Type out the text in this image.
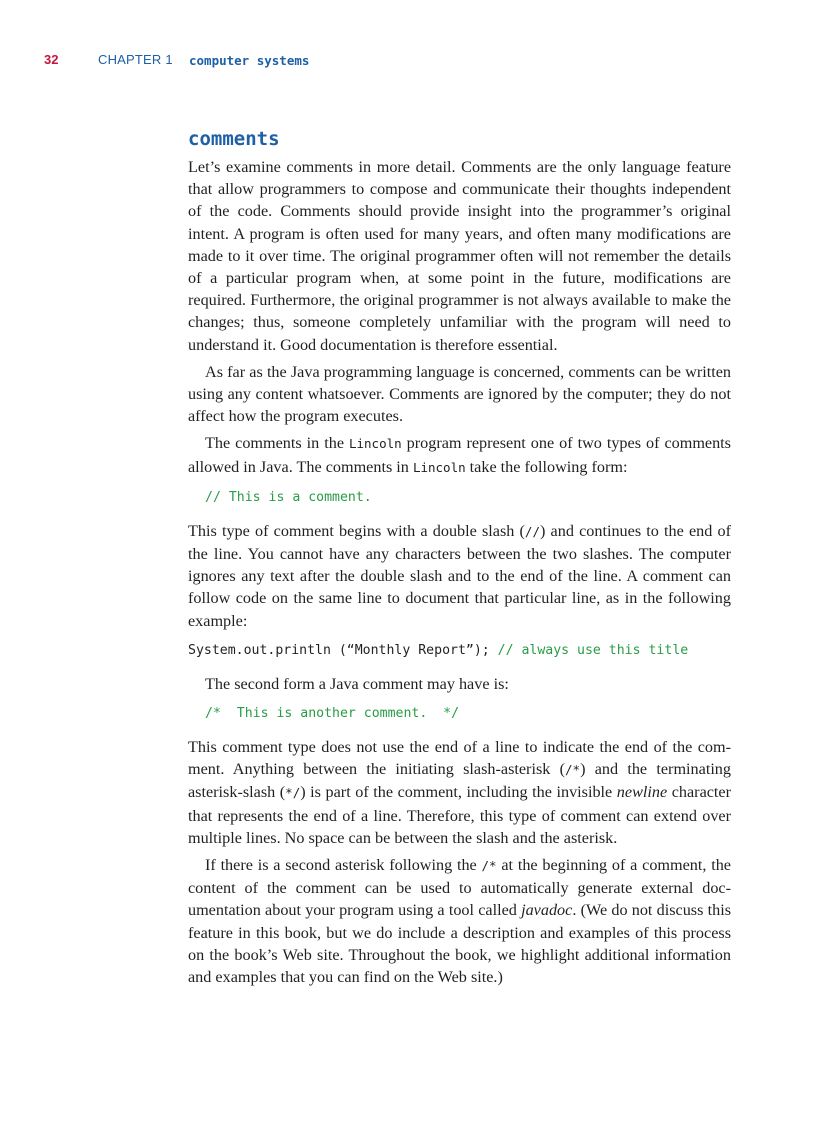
32	CHAPTER 1 computer systems
comments

Let’s examine comments in more detail. Comments are the only language feature that allow programmers to compose and communicate their thoughts independent of the code. Comments should provide insight into the programmer’s original intent. A program is often used for many years, and often many modifications are made to it over time. The original programmer often will not remember the details of a particular program when, at some point in the future, modifications are required. Furthermore, the original programmer is not always available to make the changes; thus, someone completely unfamiliar with the program will need to understand it. Good documentation is therefore essential.

As far as the Java programming language is concerned, comments can be written using any content whatsoever. Comments are ignored by the computer; they do not affect how the program executes.

The comments in the Lincoln program represent one of two types of comments allowed in Java. The comments in Lincoln take the following form:

// This is a comment.

This type of comment begins with a double slash (//) and continues to the end of the line. You cannot have any characters between the two slashes. The computer ignores any text after the double slash and to the end of the line. A comment can follow code on the same line to document that particular line, as in the following example:

System.out.println (“Monthly Report”); // always use this title

The second form a Java comment may have is:

/*  This is another comment.  */

This comment type does not use the end of a line to indicate the end of the comment. Anything between the initiating slash-asterisk (/*) and the terminating asterisk-slash (*/) is part of the comment, including the invisible newline character that represents the end of a line. Therefore, this type of comment can extend over multiple lines. No space can be between the slash and the asterisk.

If there is a second asterisk following the /* at the beginning of a comment, the content of the comment can be used to automatically generate external documentation about your program using a tool called javadoc. (We do not discuss this feature in this book, but we do include a description and examples of this process on the book’s Web site. Throughout the book, we highlight additional information and examples that you can find on the Web site.)
